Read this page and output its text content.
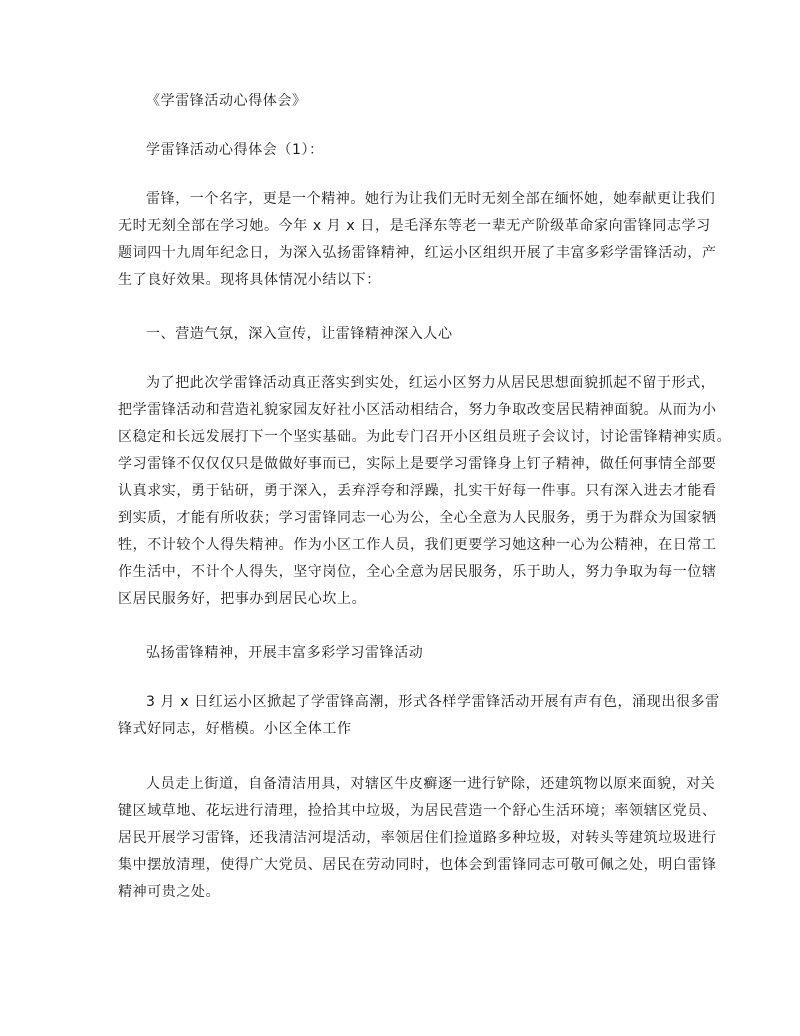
《学雷锋活动心得体会》
学雷锋活动心得体会（1）：
雷锋，一个名字，更是一个精神。她行为让我们无时无刻全部在缅怀她，她奉献更让我们
无时无刻全部在学习她。今年 x 月 x 日，是毛泽东等老一辈无产阶级革命家向雷锋同志学习
题词四十九周年纪念日，为深入弘扬雷锋精神，红运小区组织开展了丰富多彩学雷锋活动，产
生了良好效果。现将具体情况小结以下：
一、营造气氛，深入宣传，让雷锋精神深入人心
为了把此次学雷锋活动真正落实到实处，红运小区努力从居民思想面貌抓起不留于形式，
把学雷锋活动和营造礼貌家园友好社小区活动相结合，努力争取改变居民精神面貌。从而为小
区稳定和长远发展打下一个坚实基础。为此专门召开小区组员班子会议讨，讨论雷锋精神实质。
学习雷锋不仅仅仅只是做做好事而已，实际上是要学习雷锋身上钉子精神，做任何事情全部要
认真求实，勇于钻研，勇于深入，丢弃浮夸和浮躁，扎实干好每一件事。只有深入进去才能看
到实质，才能有所收获；学习雷锋同志一心为公，全心全意为人民服务，勇于为群众为国家牺
牲，不计较个人得失精神。作为小区工作人员，我们更要学习她这种一心为公精神，在日常工
作生活中，不计个人得失，坚守岗位，全心全意为居民服务，乐于助人，努力争取为每一位辖
区居民服务好，把事办到居民心坎上。
弘扬雷锋精神，开展丰富多彩学习雷锋活动
3 月 x 日红运小区掀起了学雷锋高潮，形式各样学雷锋活动开展有声有色，涌现出很多雷
锋式好同志，好楷模。小区全体工作
人员走上街道，自备清洁用具，对辖区牛皮癣逐一进行铲除，还建筑物以原来面貌，对关
键区域草地、花坛进行清理，捡拾其中垃圾，为居民营造一个舒心生活环境；率领辖区党员、
居民开展学习雷锋，还我清洁河堤活动，率领居住们捡道路多种垃圾，对转头等建筑垃圾进行
集中摆放清理，使得广大党员、居民在劳动同时，也体会到雷锋同志可敬可佩之处，明白雷锋
精神可贵之处。
